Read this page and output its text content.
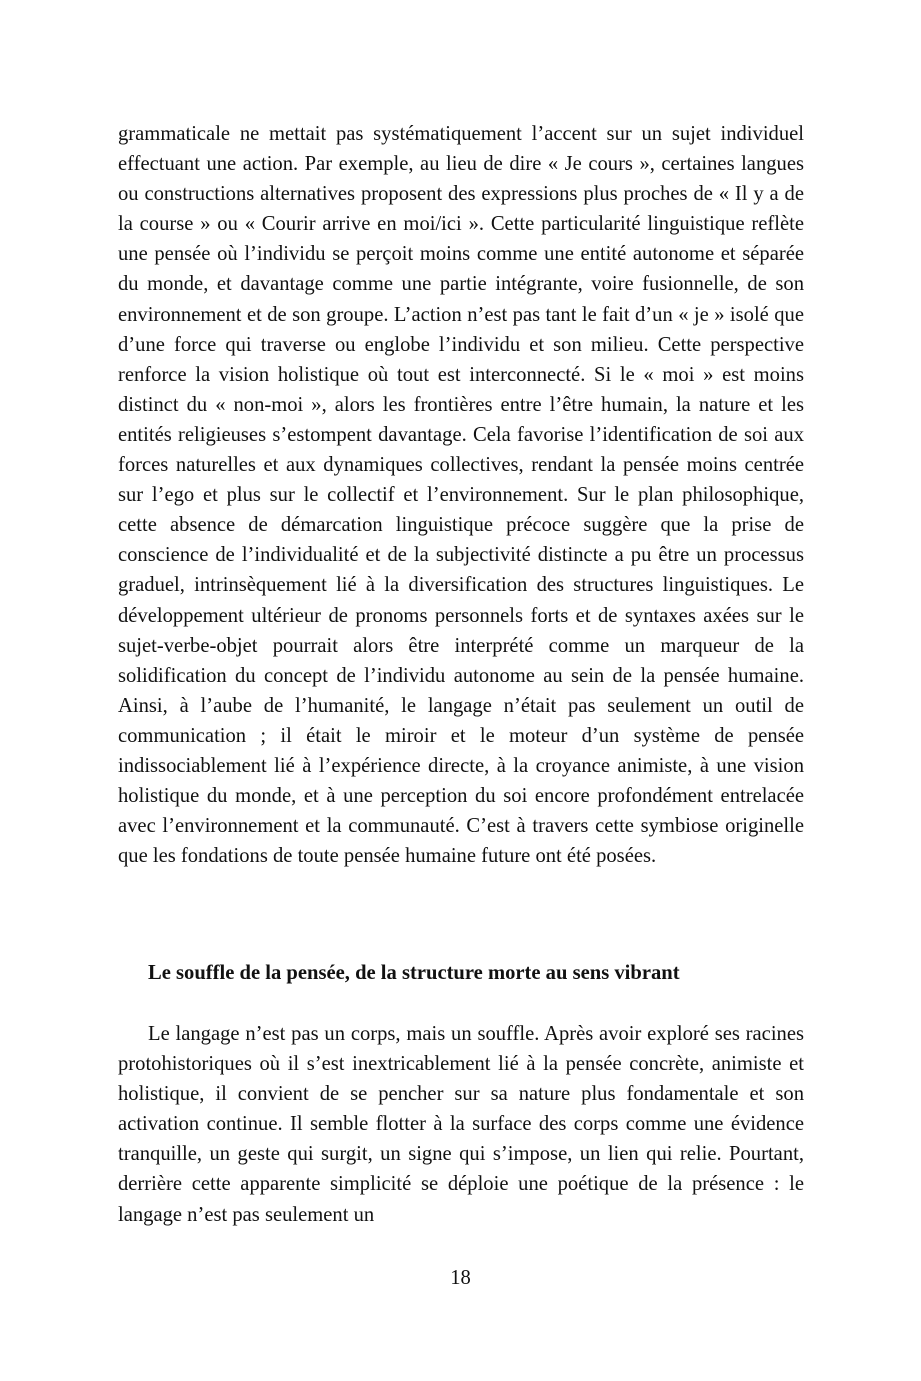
grammaticale ne mettait pas systématiquement l’accent sur un sujet individuel effectuant une action. Par exemple, au lieu de dire « Je cours », certaines langues ou constructions alternatives proposent des expressions plus proches de « Il y a de la course » ou « Courir arrive en moi/ici ». Cette particularité linguistique reflète une pensée où l’individu se perçoit moins comme une entité autonome et séparée du monde, et davantage comme une partie intégrante, voire fusionnelle, de son environnement et de son groupe. L’action n’est pas tant le fait d’un « je » isolé que d’une force qui traverse ou englobe l’individu et son milieu. Cette perspective renforce la vision holistique où tout est interconnecté. Si le « moi » est moins distinct du « non-moi », alors les frontières entre l’être humain, la nature et les entités religieuses s’estompent davantage. Cela favorise l’identification de soi aux forces naturelles et aux dynamiques collectives, rendant la pensée moins centrée sur l’ego et plus sur le collectif et l’environnement. Sur le plan philosophique, cette absence de démarcation linguistique précoce suggère que la prise de conscience de l’individualité et de la subjectivité distincte a pu être un processus graduel, intrinsèquement lié à la diversification des structures linguistiques. Le développement ultérieur de pronoms personnels forts et de syntaxes axées sur le sujet-verbe-objet pourrait alors être interprété comme un marqueur de la solidification du concept de l’individu autonome au sein de la pensée humaine. Ainsi, à l’aube de l’humanité, le langage n’était pas seulement un outil de communication ; il était le miroir et le moteur d’un système de pensée indissociablement lié à l’expérience directe, à la croyance animiste, à une vision holistique du monde, et à une perception du soi encore profondément entrelacée avec l’environnement et la communauté. C’est à travers cette symbiose originelle que les fondations de toute pensée humaine future ont été posées.

Le souffle de la pensée, de la structure morte au sens vibrant

Le langage n’est pas un corps, mais un souffle. Après avoir exploré ses racines protohistoriques où il s’est inextricablement lié à la pensée concrète, animiste et holistique, il convient de se pencher sur sa nature plus fondamentale et son activation continue. Il semble flotter à la surface des corps comme une évidence tranquille, un geste qui surgit, un signe qui s’impose, un lien qui relie. Pourtant, derrière cette apparente simplicité se déploie une poétique de la présence : le langage n’est pas seulement un

18
